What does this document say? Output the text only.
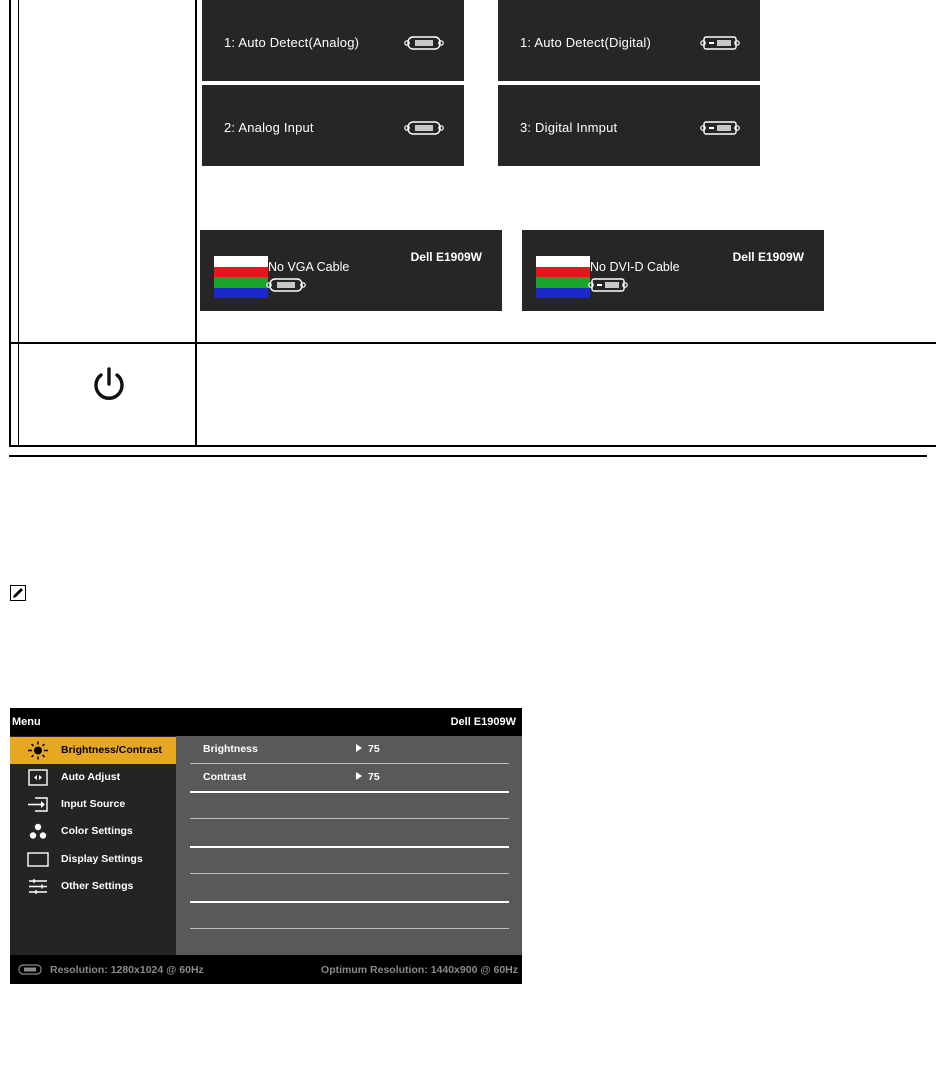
1: Auto Detect(Analog)	1: Auto Detect(Digital)
2: Analog Input	3: Digital Inmput
No VGA Cable
Dell E1909W
No DVI-D Cable
Dell E1909W
Menu	Dell E1909W
Brightness/Contrast
Auto Adjust
Input Source
Color Settings
Display Settings
Other Settings
Brightness	75
Contrast	75
Resolution: 1280x1024 @ 60Hz	Optimum Resolution: 1440x900 @ 60Hz
